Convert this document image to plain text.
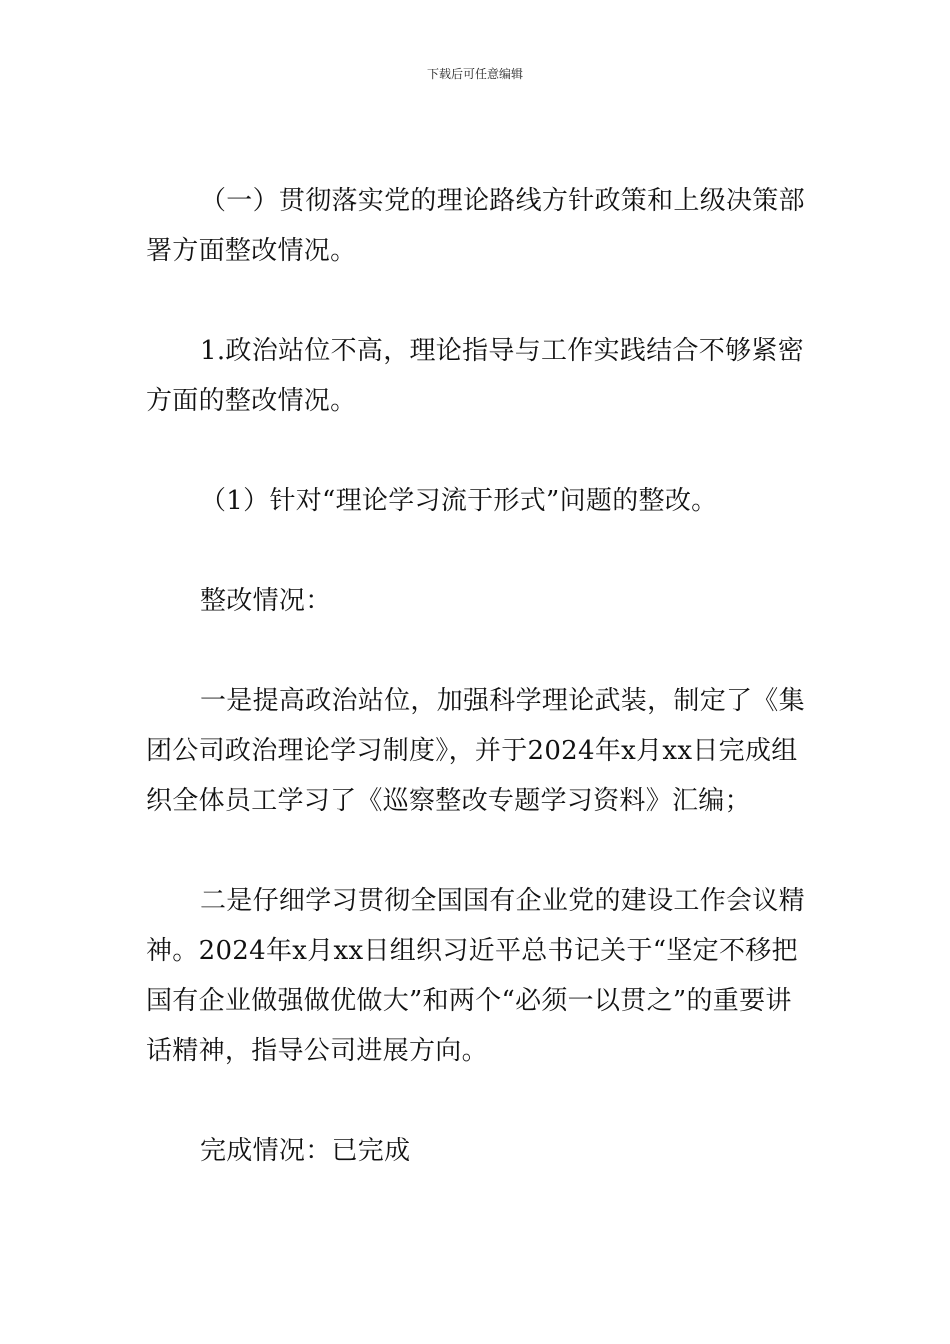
下载后可任意编辑

（一）贯彻落实党的理论路线方针政策和上级决策部署方面整改情况。

1.政治站位不高，理论指导与工作实践结合不够紧密方面的整改情况。

（1）针对“理论学习流于形式”问题的整改。

整改情况：

一是提高政治站位，加强科学理论武装，制定了《集团公司政治理论学习制度》，并于2024年x月xx日完成组织全体员工学习了《巡察整改专题学习资料》汇编；

二是仔细学习贯彻全国国有企业党的建设工作会议精神。2024年x月xx日组织习近平总书记关于“坚定不移把国有企业做强做优做大”和两个“必须一以贯之”的重要讲话精神，指导公司进展方向。

完成情况：已完成
